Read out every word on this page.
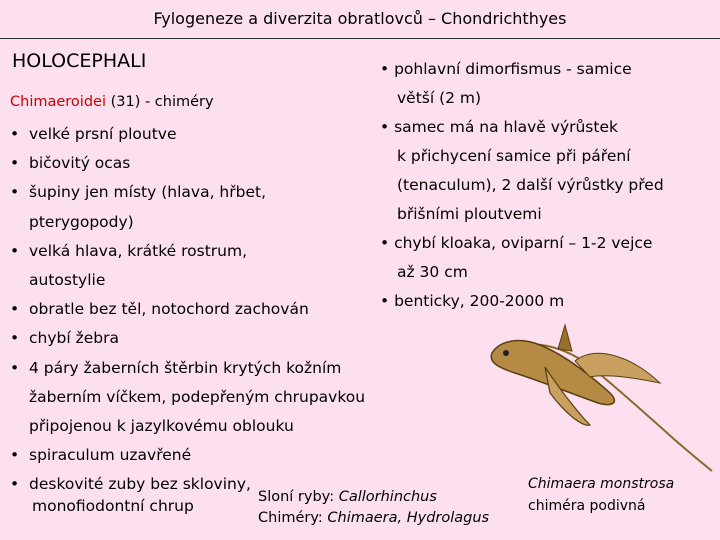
Fylogeneze a diverzita obratlovců – Chondrichthyes
HOLOCEPHALI
Chimaeroidei (31) - chiméry
• velké prsní ploutve
• bičovitý ocas
• šupiny jen místy (hlava, hřbet,
pterygopody)
• velká hlava, krátké rostrum,
autostylie
• obratle bez těl, notochord zachován
• chybí žebra
• 4 páry žaberních štěrbin krytých kožním
žaberním víčkem, podepřeným chrupavkou
připojenou k jazylkovému oblouku
• spiraculum uzavřené
• deskovité zuby bez skloviny,
monofiodontní chrup
• pohlavní dimorfismus - samice
větší (2 m)
• samec má na hlavě výrůstek
k přichycení samice při páření
(tenaculum), 2 další výrůstky před
břišními ploutvemi
• chybí kloaka, oviparní – 1-2 vejce
až 30 cm
• benticky, 200-2000 m
Sloní ryby: Callorhinchus
Chiméry: Chimaera, Hydrolagus
Chimaera monstrosa
chiméra podivná
